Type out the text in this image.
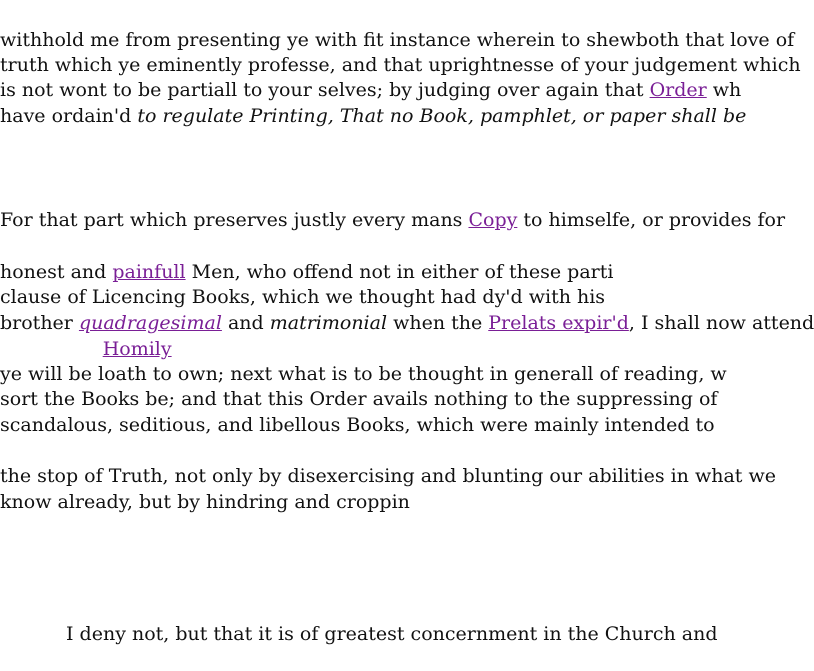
withhold me from presenting ye with fit instance wherein to shewboth that love of
truth which ye eminently professe, and that uprightnesse of your judgement which
is not wont to be partiall to your selves; by judging over again that Order wh
have ordain'd to regulate Printing, That no Book, pamphlet, or paper shall be
For that part which preserves justly every mans Copy to himselfe, or provides for
honest and painfull Men, who offend not in either of these parti
clause of Licencing Books, which we thought had dy'd with his
brother quadragesimal and matrimonial when the Prelats expir'd, I shall now attend
Homily
ye will be loath to own; next what is to be thought in generall of reading, w
sort the Books be; and that this Order avails nothing to the suppressing of
scandalous, seditious, and libellous Books, which were mainly intended to
the stop of Truth, not only by disexercising and blunting our abilities in what we
know already, but by hindring and croppin
I deny not, but that it is of greatest concernment in the Church and
